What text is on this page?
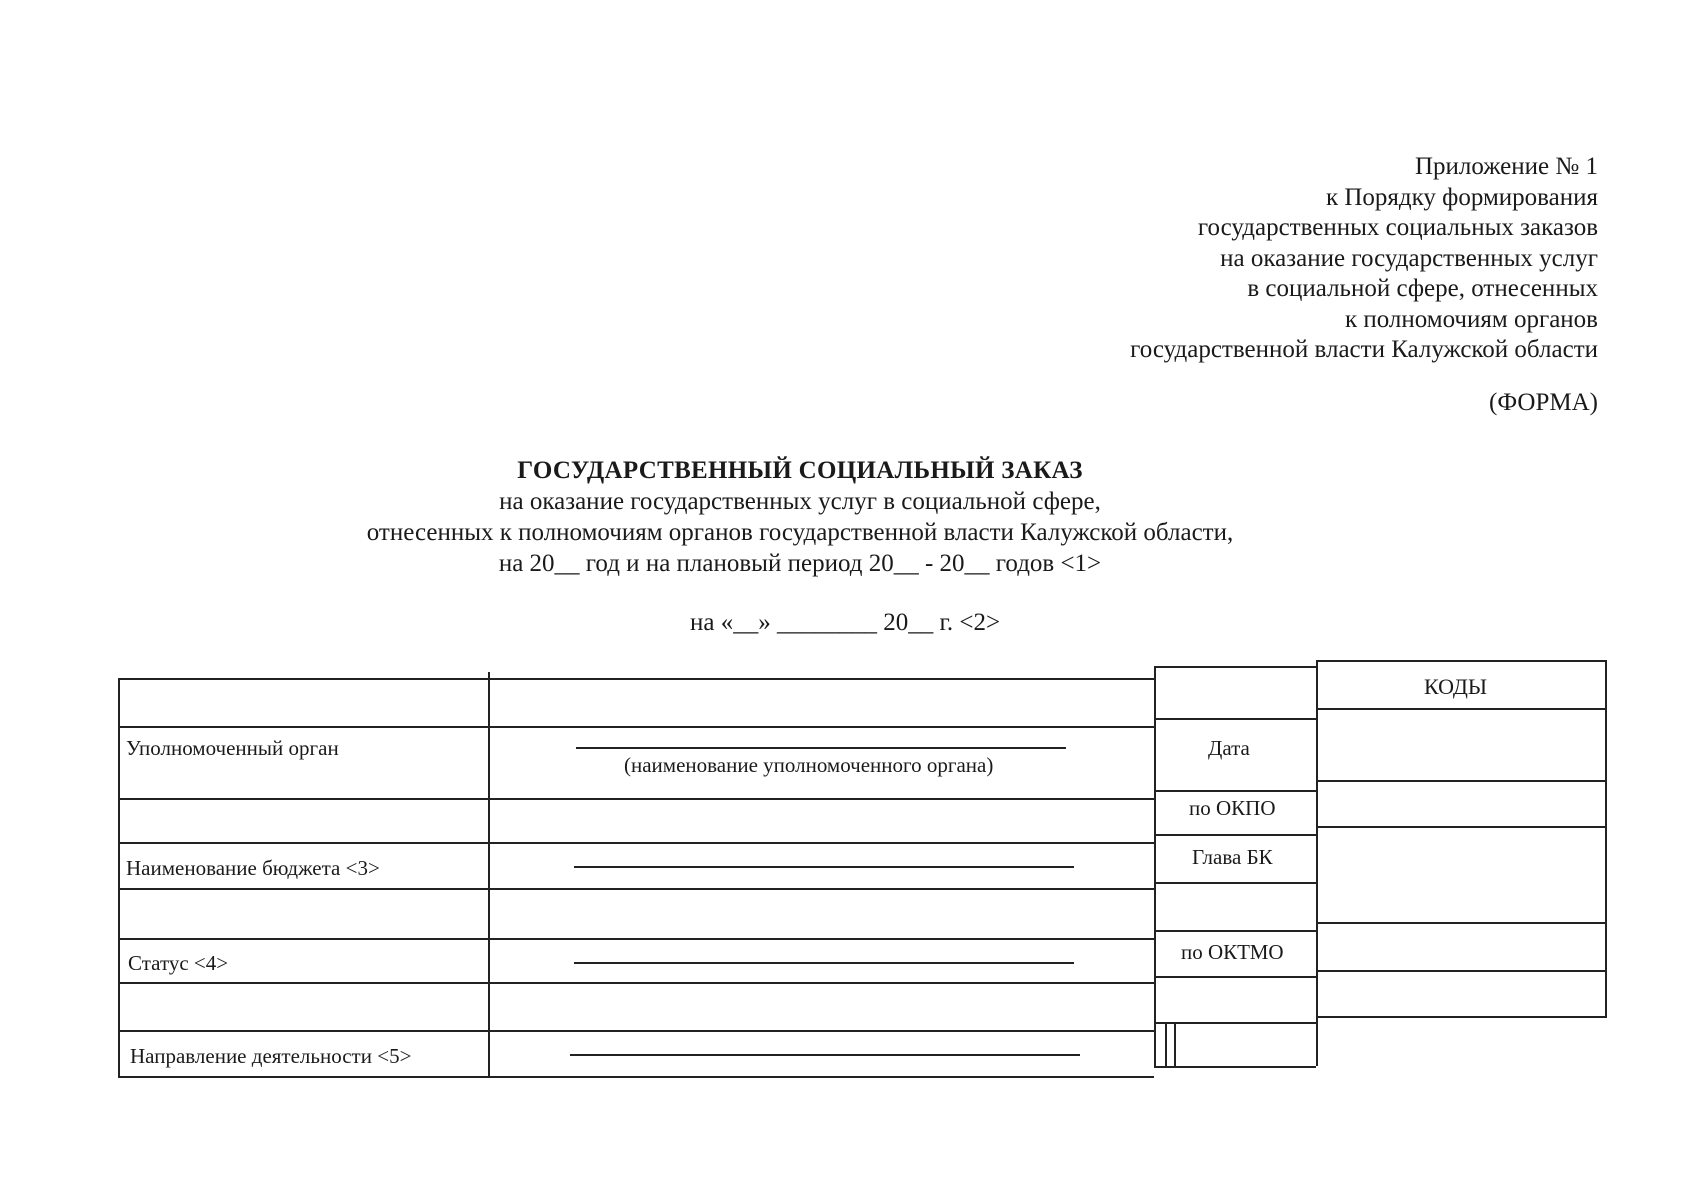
Приложение № 1
к Порядку формирования
государственных социальных заказов
на оказание государственных услуг
в социальной сфере, отнесенных
к полномочиям органов
государственной власти Калужской области
(ФОРМА)
ГОСУДАРСТВЕННЫЙ СОЦИАЛЬНЫЙ ЗАКАЗ
на оказание государственных услуг в социальной сфере,
отнесенных к полномочиям органов государственной власти Калужской области,
на 20__ год и на плановый период 20__ - 20__ годов <1>
на «__» ________ 20__ г. <2>
КОДЫ
Уполномоченный орган
Наименование бюджета <3>
Статус <4>
Направление деятельности <5>
(наименование уполномоченного органа)
Дата
по ОКПО
Глава БК
по ОКТМО
